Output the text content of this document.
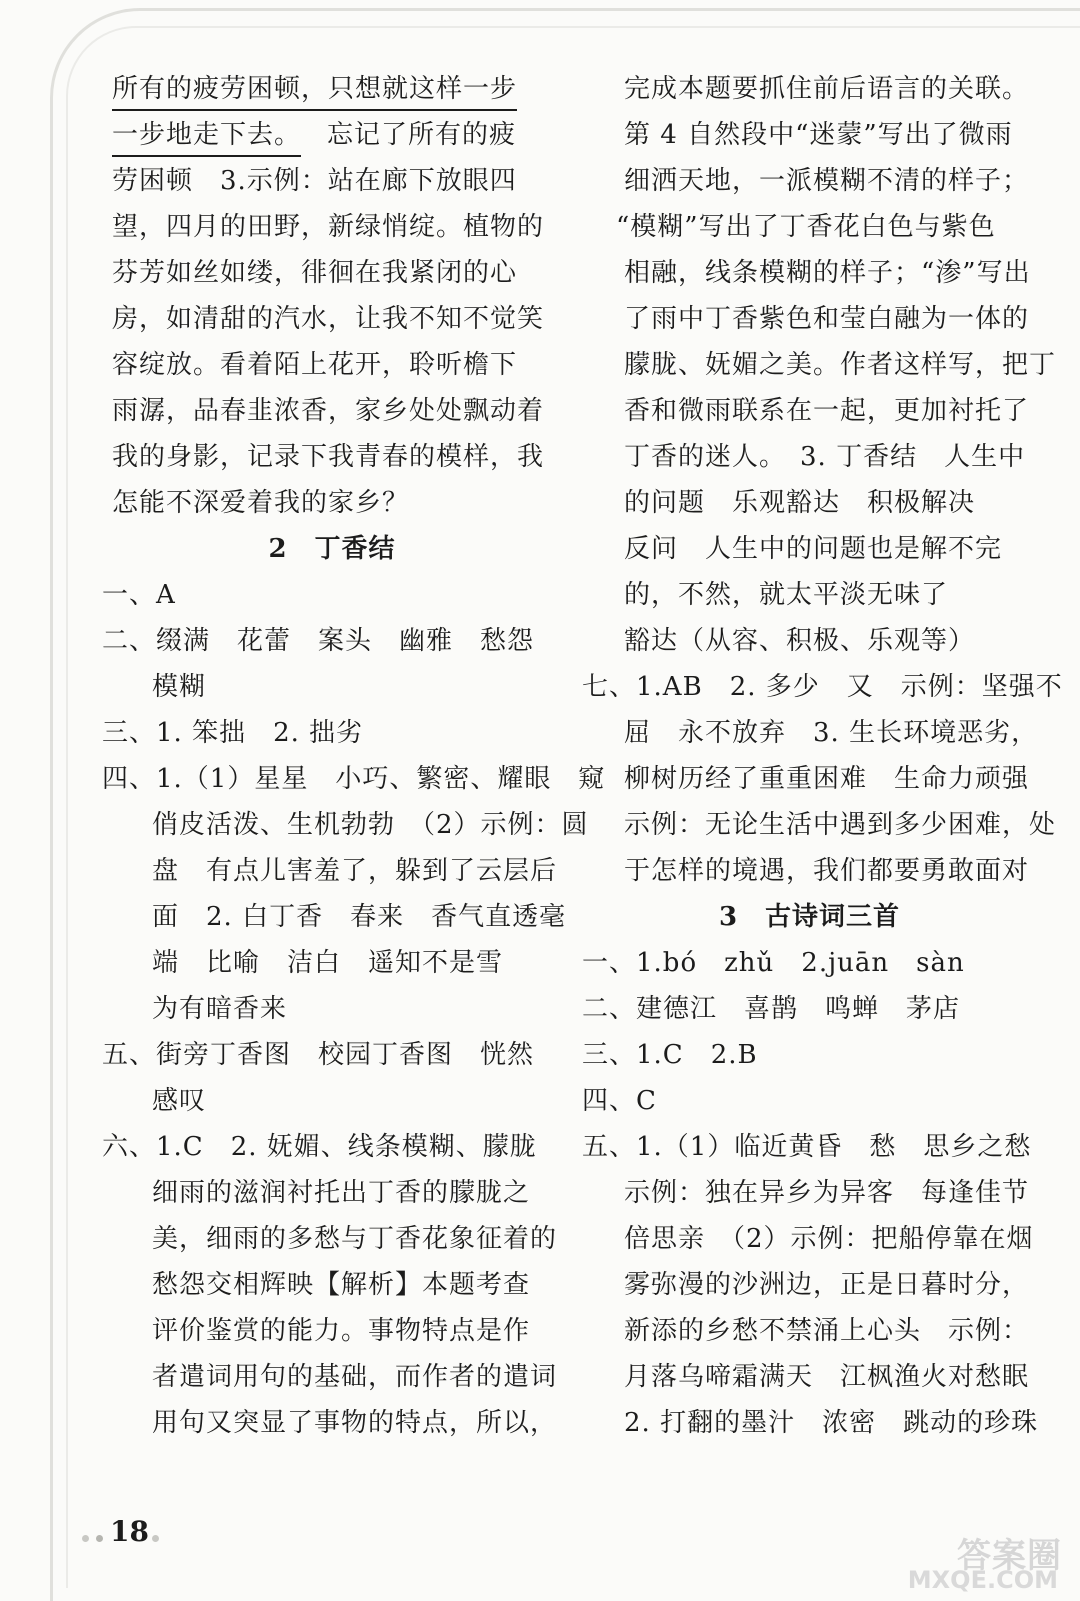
所有的疲劳困顿，只想就这样一步
一步地走下去。 忘记了所有的疲
劳困顿　3.示例：站在廊下放眼四
望，四月的田野，新绿悄绽。植物的
芬芳如丝如缕，徘徊在我紧闭的心
房，如清甜的汽水，让我不知不觉笑
容绽放。看着陌上花开，聆听檐下
雨潺，品春韭浓香，家乡处处飘动着
我的身影，记录下我青春的模样，我
怎能不深爱着我的家乡？
2　丁香结
一、A
二、缀满　花蕾　案头　幽雅　愁怨
模糊
三、1. 笨拙　2. 拙劣
四、1.（1）星星　小巧、繁密、耀眼　窥
俏皮活泼、生机勃勃　（2）示例：圆
盘　有点儿害羞了，躲到了云层后
面　2. 白丁香　春来　香气直透毫
端　比喻　洁白　遥知不是雪
为有暗香来
五、街旁丁香图　校园丁香图　恍然
感叹
六、1.C　2. 妩媚、线条模糊、朦胧
细雨的滋润衬托出丁香的朦胧之
美，细雨的多愁与丁香花象征着的
愁怨交相辉映【解析】本题考查
评价鉴赏的能力。事物特点是作
者遣词用句的基础，而作者的遣词
用句又突显了事物的特点，所以，
完成本题要抓住前后语言的关联。
第 4 自然段中“迷蒙”写出了微雨
细洒天地，一派模糊不清的样子；
“模糊”写出了丁香花白色与紫色
相融，线条模糊的样子；“渗”写出
了雨中丁香紫色和莹白融为一体的
朦胧、妩媚之美。作者这样写，把丁
香和微雨联系在一起，更加衬托了
丁香的迷人。　3. 丁香结　人生中
的问题　乐观豁达　积极解决
反问　人生中的问题也是解不完
的，不然，就太平淡无味了
豁达（从容、积极、乐观等）
七、1.AB　2. 多少　又　示例：坚强不
屈　永不放弃　3. 生长环境恶劣，
柳树历经了重重困难　生命力顽强
示例：无论生活中遇到多少困难，处
于怎样的境遇，我们都要勇敢面对
3　古诗词三首
一、1.bó　zhǔ　2.juān　sàn
二、建德江　喜鹊　鸣蝉　茅店
三、1.C　2.B
四、C
五、1.（1）临近黄昏　愁　思乡之愁
示例：独在异乡为异客　每逢佳节
倍思亲　（2）示例：把船停靠在烟
雾弥漫的沙洲边，正是日暮时分，
新添的乡愁不禁涌上心头　示例：
月落乌啼霜满天　江枫渔火对愁眠
2. 打翻的墨汁　浓密　跳动的珍珠
18
答案圈
MXQE.COM
